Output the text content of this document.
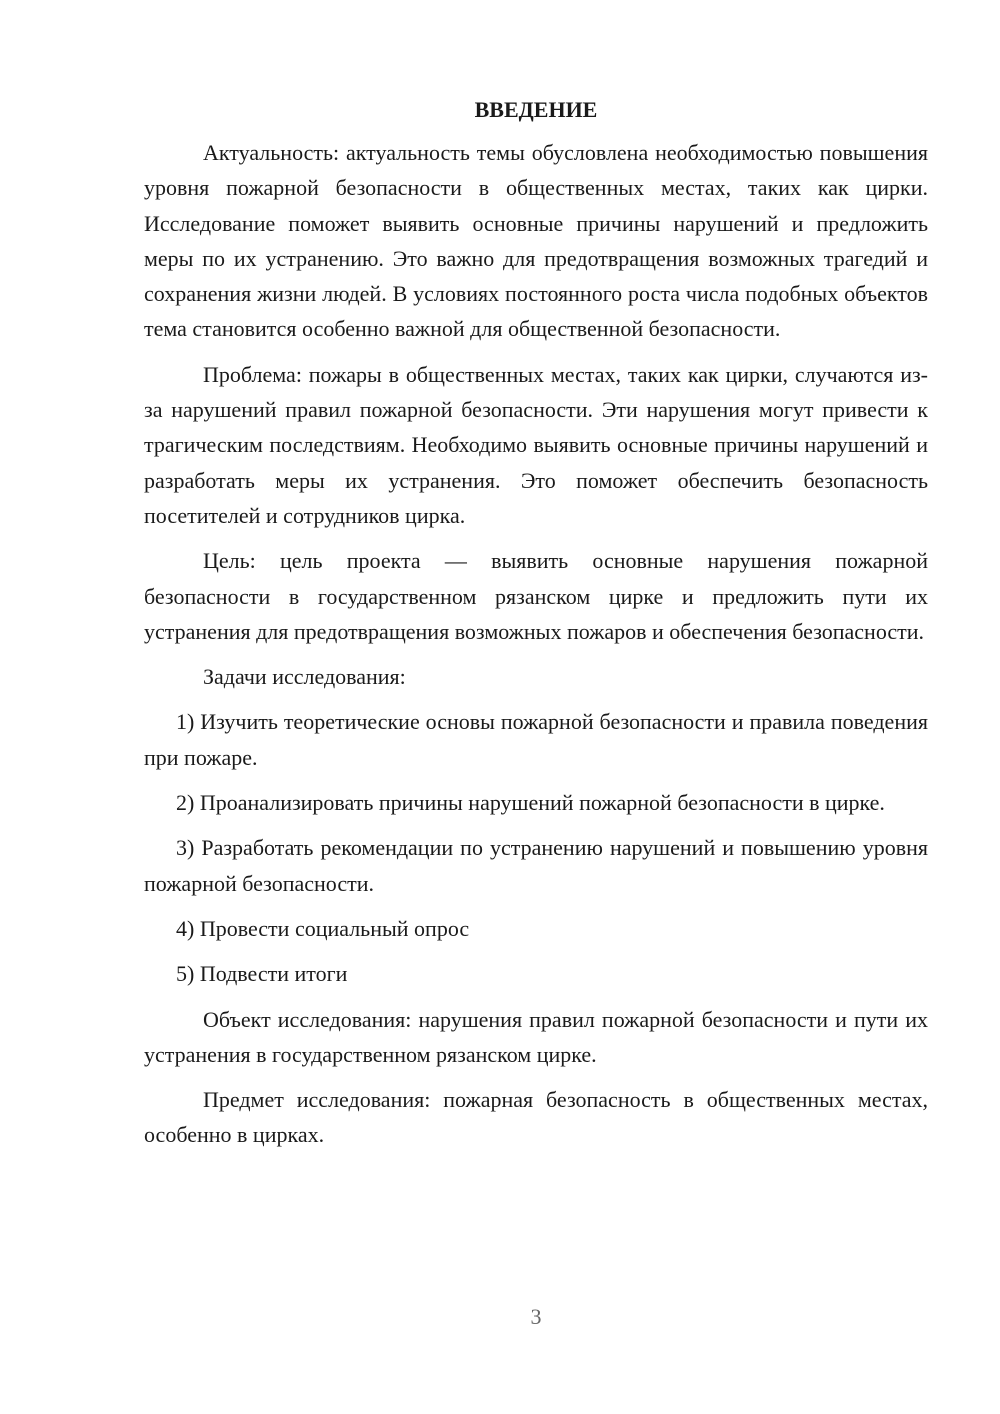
ВВЕДЕНИЕ

Актуальность: актуальность темы обусловлена необходимостью повышения уровня пожарной безопасности в общественных местах, таких как цирки. Исследование поможет выявить основные причины нарушений и предложить меры по их устранению. Это важно для предотвращения возможных трагедий и сохранения жизни людей. В условиях постоянного роста числа подобных объектов тема становится особенно важной для общественной безопасности.

Проблема: пожары в общественных местах, таких как цирки, случаются из-за нарушений правил пожарной безопасности. Эти нарушения могут привести к трагическим последствиям. Необходимо выявить основные причины нарушений и разработать меры их устранения. Это поможет обеспечить безопасность посетителей и сотрудников цирка.

Цель: цель проекта — выявить основные нарушения пожарной безопасности в государственном рязанском цирке и предложить пути их устранения для предотвращения возможных пожаров и обеспечения безопасности.

Задачи исследования:

1) Изучить теоретические основы пожарной безопасности и правила поведения при пожаре.

2) Проанализировать причины нарушений пожарной безопасности в цирке.

3) Разработать рекомендации по устранению нарушений и повышению уровня пожарной безопасности.

4) Провести социальный опрос

5) Подвести итоги

Объект исследования: нарушения правил пожарной безопасности и пути их устранения в государственном рязанском цирке.

Предмет исследования: пожарная безопасность в общественных местах, особенно в цирках.

3
